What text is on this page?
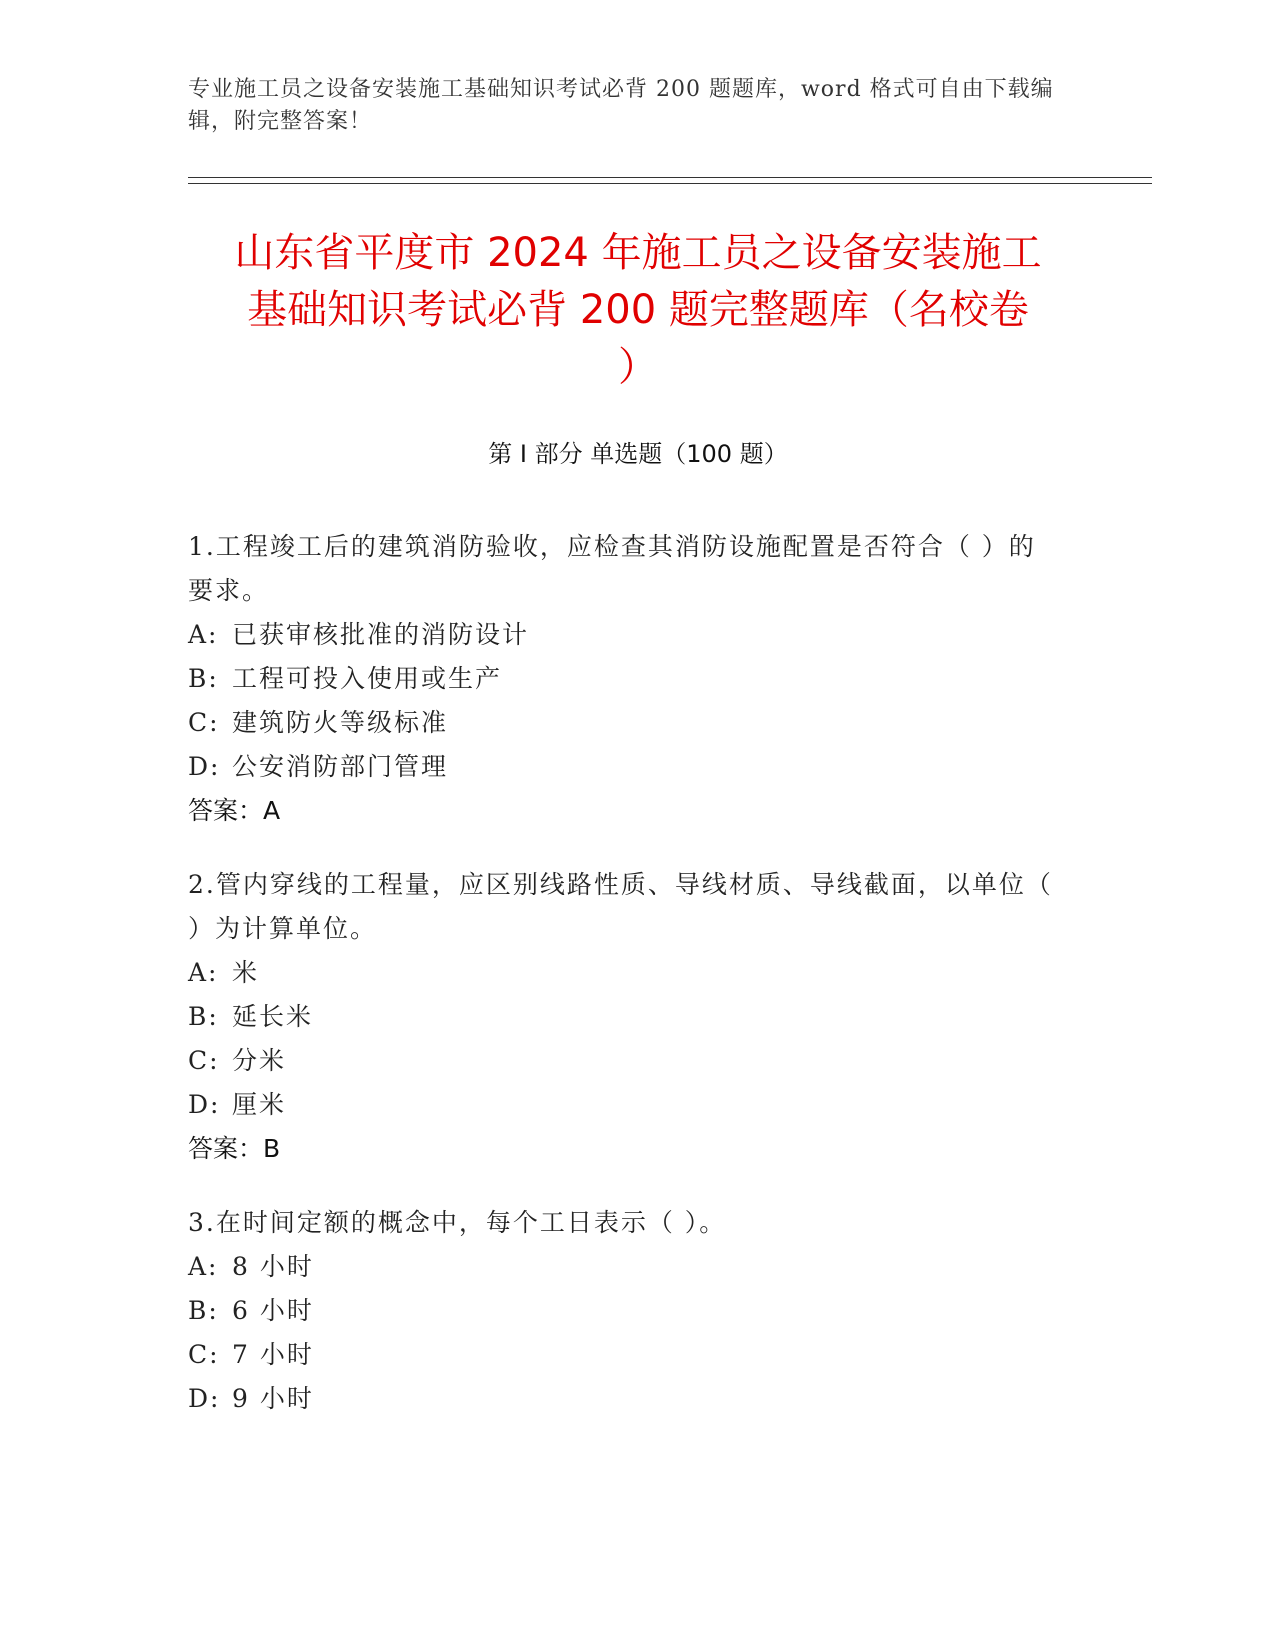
专业施工员之设备安装施工基础知识考试必背 200 题题库，word 格式可自由下载编辑，附完整答案！
山东省平度市 2024 年施工员之设备安装施工
基础知识考试必背 200 题完整题库（名校卷
）
第 I 部分 单选题（100 题）
1.工程竣工后的建筑消防验收，应检查其消防设施配置是否符合（ ）的要求。
A: 已获审核批准的消防设计
B: 工程可投入使用或生产
C: 建筑防火等级标准
D: 公安消防部门管理
答案：A
2.管内穿线的工程量，应区别线路性质、导线材质、导线截面，以单位（ ）为计算单位。
A: 米
B: 延长米
C: 分米
D: 厘米
答案：B
3.在时间定额的概念中，每个工日表示（ ）。
A: 8 小时
B: 6 小时
C: 7 小时
D: 9 小时
